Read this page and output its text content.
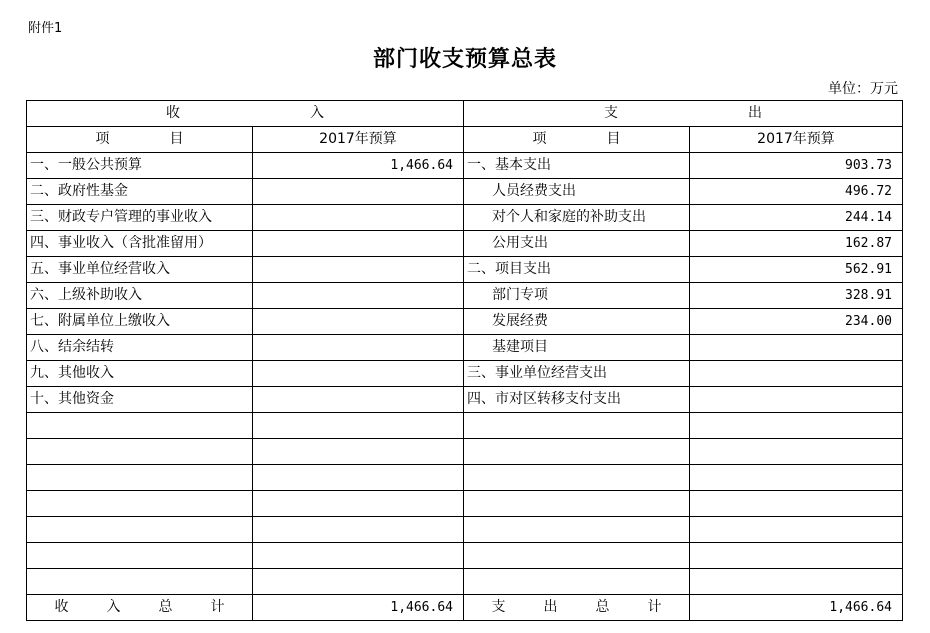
附件1
部门收支预算总表
单位：万元
收 入		支 出	
项 目	2017年预算	项 目	2017年预算
一、一般公共预算	1,466.64	一、基本支出	903.73
二、政府性基金		人员经费支出	496.72
三、财政专户管理的事业收入		对个人和家庭的补助支出	244.14
四、事业收入（含批准留用）		公用支出	162.87
五、事业单位经营收入		二、项目支出	562.91
六、上级补助收入		部门专项	328.91
七、附属单位上缴收入		发展经费	234.00
八、结余结转		基建项目	
九、其他收入		三、事业单位经营支出	
十、其他资金		四、市对区转移支付支出	

收 入 总 计	1,466.64	支 出 总 计	1,466.64
